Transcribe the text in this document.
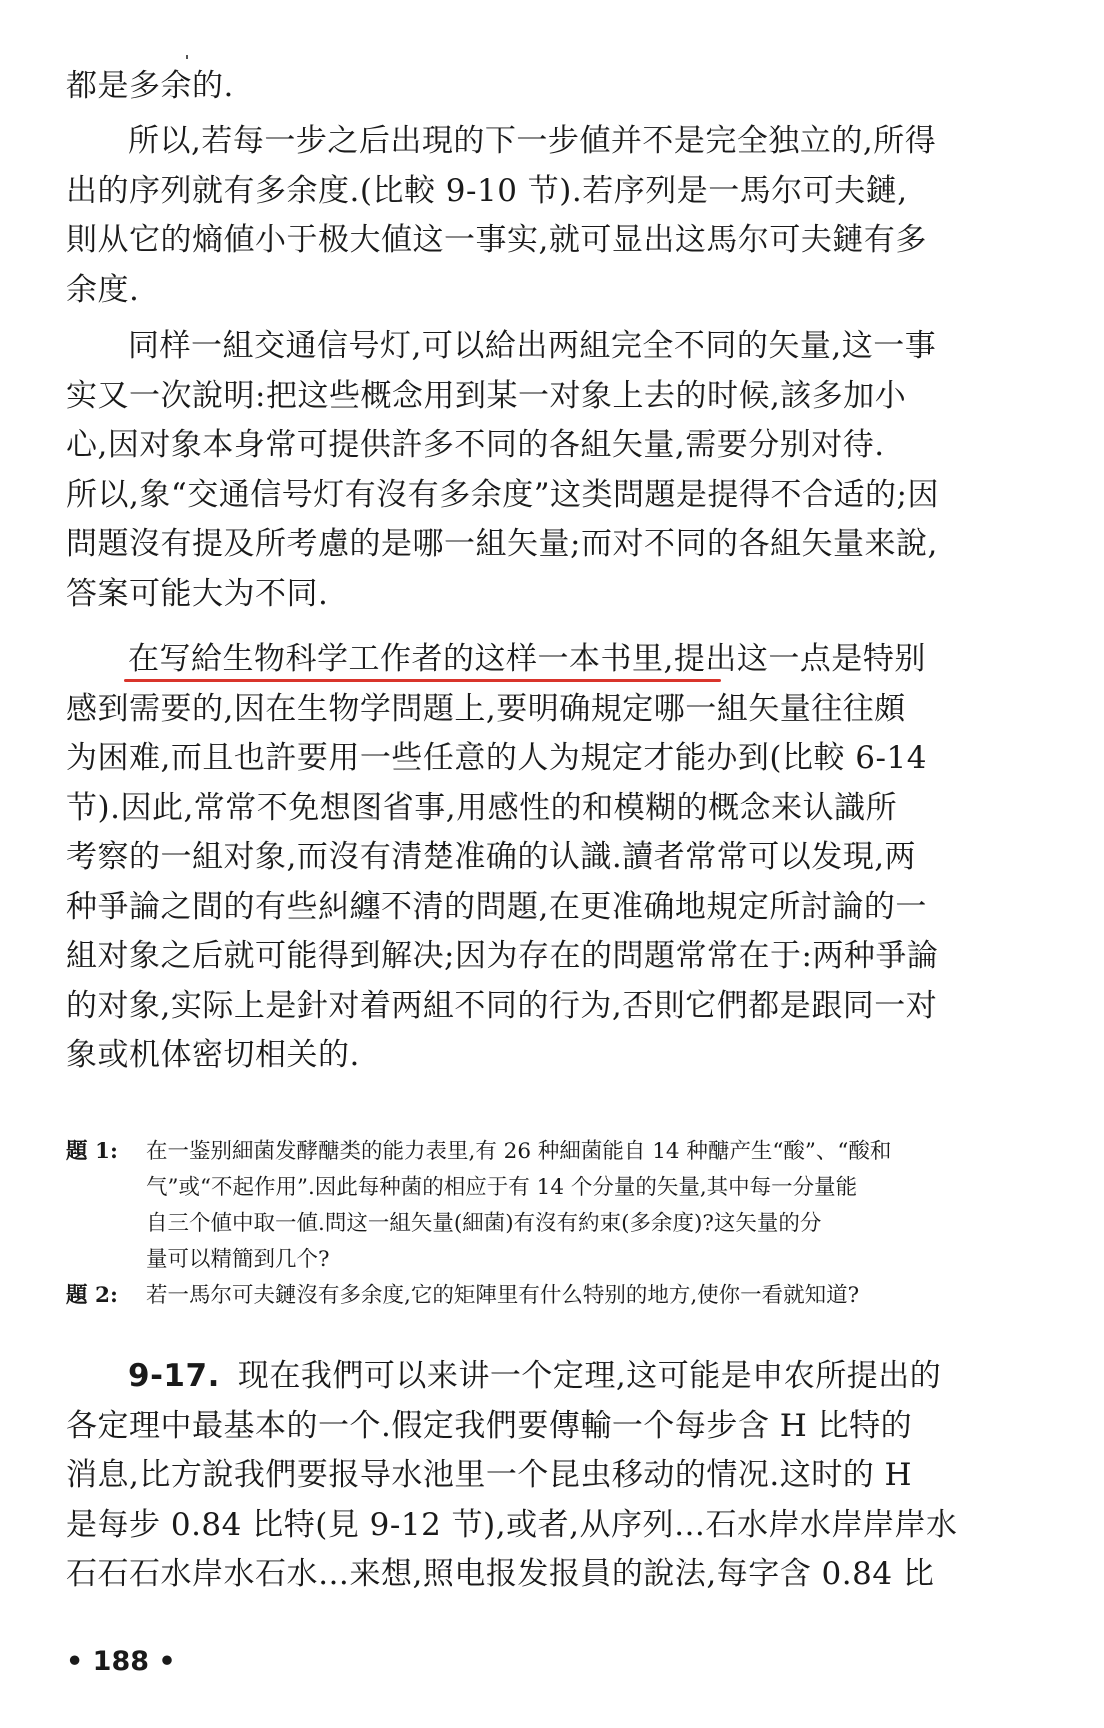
都是多余的.
所以,若每一步之后出現的下一步値并不是完全独立的,所得
出的序列就有多余度.(比較 9-10 节).若序列是一馬尔可夫鏈,
則从它的熵値小于极大値这一事实,就可显出这馬尔可夫鏈有多
余度.
同样一組交通信号灯,可以給出两組完全不同的矢量,这一事
实又一次說明:把这些概念用到某一对象上去的时候,該多加小
心,因对象本身常可提供許多不同的各組矢量,需要分别对待.
所以,象“交通信号灯有沒有多余度”这类問題是提得不合适的;因
問題沒有提及所考慮的是哪一組矢量;而对不同的各組矢量来說,
答案可能大为不同.
在写給生物科学工作者的这样一本书里,提出这一点是特别
感到需要的,因在生物学問題上,要明确規定哪一組矢量往往頗
为困难,而且也許要用一些任意的人为規定才能办到(比較 6-14
节).因此,常常不免想图省事,用感性的和模糊的概念来认識所
考察的一組对象,而沒有清楚准确的认識.讀者常常可以发現,两
种爭論之間的有些糾纏不清的問題,在更准确地規定所討論的一
組对象之后就可能得到解决;因为存在的問題常常在于:两种爭論
的对象,实际上是針对着两組不同的行为,否則它們都是跟同一对
象或机体密切相关的.
題 1: 在一鉴别細菌发酵醣类的能力表里,有 26 种細菌能自 14 种醣产生“酸”、“酸和
气”或“不起作用”.因此每种菌的相应于有 14 个分量的矢量,其中每一分量能
自三个値中取一値.問这一組矢量(細菌)有沒有約束(多余度)?这矢量的分
量可以精簡到几个?
題 2: 若一馬尔可夫鏈沒有多余度,它的矩陣里有什么特别的地方,使你一看就知道?
9-17. 现在我們可以来讲一个定理,这可能是申农所提出的
各定理中最基本的一个.假定我們要傳輸一个每步含 H 比特的
消息,比方說我們要报导水池里一个昆虫移动的情况.这时的 H
是每步 0.84 比特(見 9-12 节),或者,从序列…石水岸水岸岸岸水
石石石水岸水石水…来想,照电报发报員的說法,每字含 0.84 比
• 188 •
